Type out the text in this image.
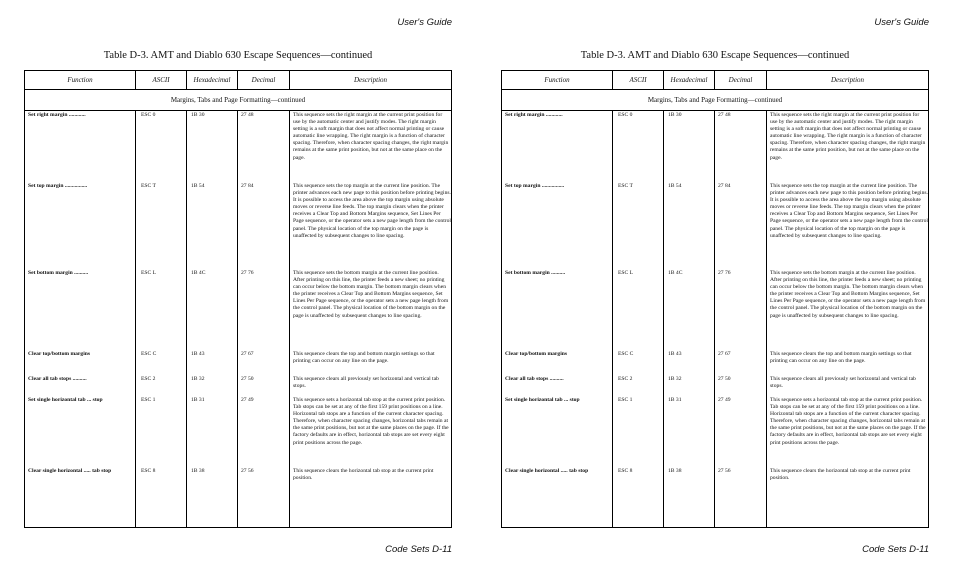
User's Guide
Table D-3. AMT and Diablo 630 Escape Sequences—continued
Function	ASCII	Hexadecimal	Decimal	Description
Margins, Tabs and Page Formatting—continued
Set right margin ............	ESC 0	1B 30	27 48	This sequence sets the right margin at the current print position for use by the automatic center and justify modes. The right margin setting is a soft margin that does not affect normal printing or cause automatic line wrapping. The right margin is a function of character spacing. Therefore, when character spacing changes, the right margin remains at the same print position, but not at the same place on the page.
Set top margin ................	ESC T	1B 54	27 84	This sequence sets the top margin at the current line position. The printer advances each new page to this position before printing begins. It is possible to access the area above the top margin using absolute moves or reverse line feeds. The top margin clears when the printer receives a Clear Top and Bottom Margins sequence, Set Lines Per Page sequence, or the operator sets a new page length from the control panel. The physical location of the top margin on the page is unaffected by subsequent changes to line spacing.
Set bottom margin ..........	ESC L	1B 4C	27 76	This sequence sets the bottom margin at the current line position. After printing on this line, the printer feeds a new sheet; no printing can occur below the bottom margin. The bottom margin clears when the printer receives a Clear Top and Bottom Margins sequence, Set Lines Per Page sequence, or the operator sets a new page length from the control panel. The physical location of the bottom margin on the page is unaffected by subsequent changes to line spacing.
Clear top/bottom margins	ESC C	1B 43	27 67	This sequence clears the top and bottom margin settings so that printing can occur on any line on the page.
Clear all tab stops ..........	ESC 2	1B 32	27 50	This sequence clears all previously set horizontal and vertical tab stops.
Set single horizontal tab ... stop	ESC 1	1B 31	27 49	This sequence sets a horizontal tab stop at the current print position. Tab stops can be set at any of the first 159 print positions on a line. Horizontal tab stops are a function of the current character spacing. Therefore, when character spacing changes, horizontal tabs remain at the same print positions, but not at the same places on the page. If the factory defaults are in effect, horizontal tab stops are set every eight print positions across the page.
Clear single horizontal ..... tab stop	ESC 8	1B 38	27 56	This sequence clears the horizontal tab stop at the current print position.
Code Sets D-11
User's Guide
Table D-3. AMT and Diablo 630 Escape Sequences—continued
Function	ASCII	Hexadecimal	Decimal	Description
Margins, Tabs and Page Formatting—continued
Set right margin ............	ESC 0	1B 30	27 48	This sequence sets the right margin at the current print position for use by the automatic center and justify modes. The right margin setting is a soft margin that does not affect normal printing or cause automatic line wrapping. The right margin is a function of character spacing. Therefore, when character spacing changes, the right margin remains at the same print position, but not at the same place on the page.
Set top margin ................	ESC T	1B 54	27 84	This sequence sets the top margin at the current line position. The printer advances each new page to this position before printing begins. It is possible to access the area above the top margin using absolute moves or reverse line feeds. The top margin clears when the printer receives a Clear Top and Bottom Margins sequence, Set Lines Per Page sequence, or the operator sets a new page length from the control panel. The physical location of the top margin on the page is unaffected by subsequent changes to line spacing.
Set bottom margin ..........	ESC L	1B 4C	27 76	This sequence sets the bottom margin at the current line position. After printing on this line, the printer feeds a new sheet; no printing can occur below the bottom margin. The bottom margin clears when the printer receives a Clear Top and Bottom Margins sequence, Set Lines Per Page sequence, or the operator sets a new page length from the control panel. The physical location of the bottom margin on the page is unaffected by subsequent changes to line spacing.
Clear top/bottom margins	ESC C	1B 43	27 67	This sequence clears the top and bottom margin settings so that printing can occur on any line on the page.
Clear all tab stops ..........	ESC 2	1B 32	27 50	This sequence clears all previously set horizontal and vertical tab stops.
Set single horizontal tab ... stop	ESC 1	1B 31	27 49	This sequence sets a horizontal tab stop at the current print position. Tab stops can be set at any of the first 159 print positions on a line. Horizontal tab stops are a function of the current character spacing. Therefore, when character spacing changes, horizontal tabs remain at the same print positions, but not at the same places on the page. If the factory defaults are in effect, horizontal tab stops are set every eight print positions across the page.
Clear single horizontal ..... tab stop	ESC 8	1B 38	27 56	This sequence clears the horizontal tab stop at the current print position.
Code Sets D-11
